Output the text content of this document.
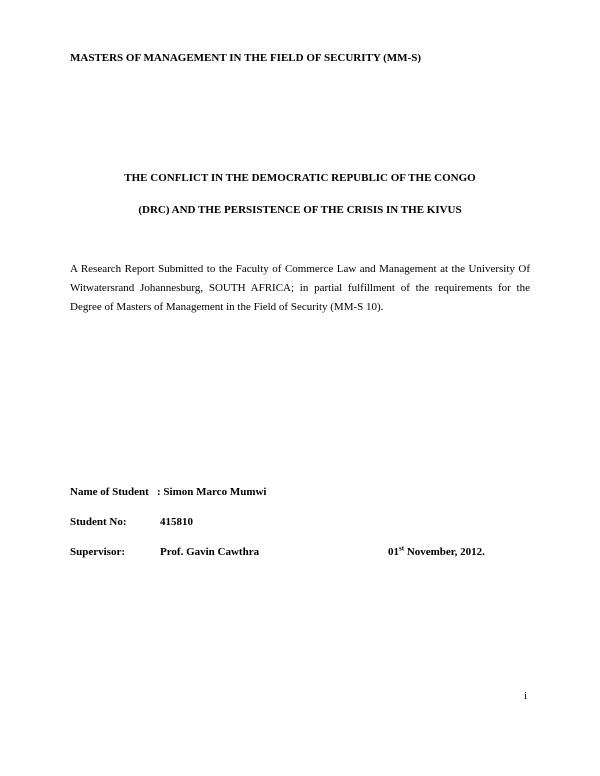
MASTERS OF MANAGEMENT IN THE FIELD OF SECURITY (MM-S)

THE CONFLICT IN THE DEMOCRATIC REPUBLIC OF THE CONGO

(DRC) AND THE PERSISTENCE OF THE CRISIS IN THE KIVUS

A Research Report Submitted to the Faculty of Commerce Law and Management at the University Of Witwatersrand Johannesburg, SOUTH AFRICA; in partial fulfillment of the requirements for the Degree of Masters of Management in the Field of Security (MM-S 10).

Name of Student : Simon Marco Mumwi
Student No:	415810
Supervisor:	Prof. Gavin Cawthra	01st November, 2012.
i
